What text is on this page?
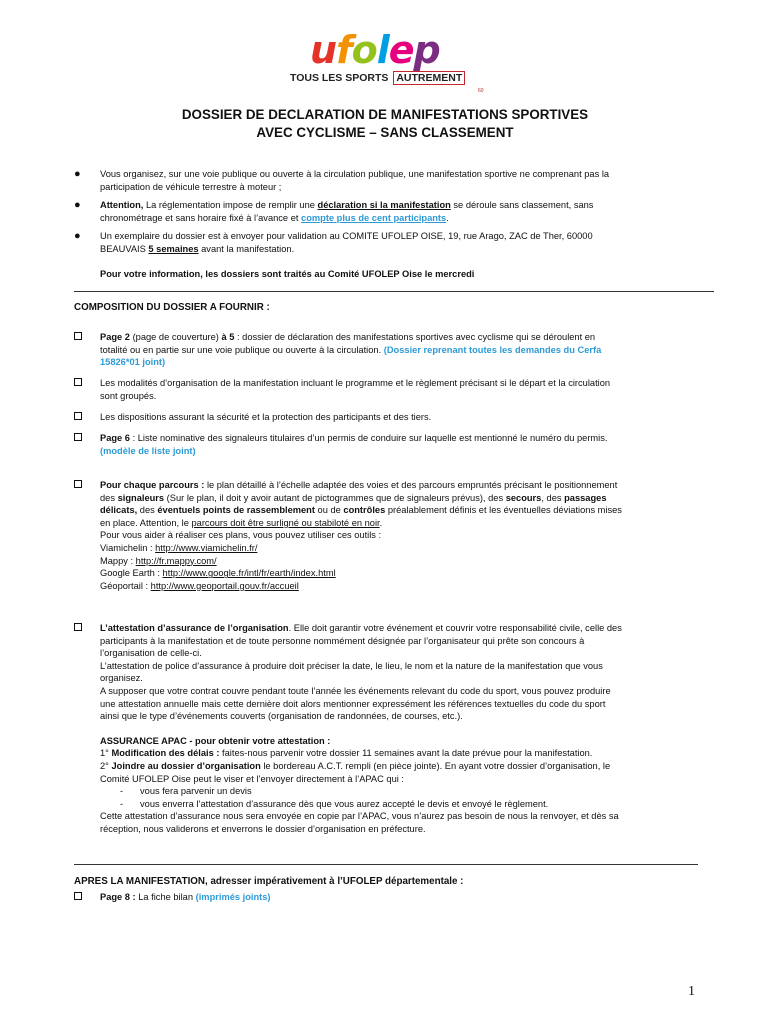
ufolep
TOUS LES SPORTS AUTREMENT
60
DOSSIER DE DECLARATION DE MANIFESTATIONS SPORTIVES
AVEC CYCLISME – SANS CLASSEMENT
● Vous organisez, sur une voie publique ou ouverte à la circulation publique, une manifestation sportive ne comprenant pas la
participation de véhicule terrestre à moteur ;
● Attention, La réglementation impose de remplir une déclaration si la manifestation se déroule sans classement, sans
chronométrage et sans horaire fixé à l’avance et compte plus de cent participants.
● Un exemplaire du dossier est à envoyer pour validation au COMITE UFOLEP OISE, 19, rue Arago, ZAC de Ther, 60000
BEAUVAIS 5 semaines avant la manifestation.
Pour votre information, les dossiers sont traités au Comité UFOLEP Oise le mercredi
COMPOSITION DU DOSSIER A FOURNIR :
Page 2 (page de couverture) à 5 : dossier de déclaration des manifestations sportives avec cyclisme qui se déroulent en
totalité ou en partie sur une voie publique ou ouverte à la circulation. (Dossier reprenant toutes les demandes du Cerfa
15826*01 joint)
Les modalités d’organisation de la manifestation incluant le programme et le règlement précisant si le départ et la circulation
sont groupés.
Les dispositions assurant la sécurité et la protection des participants et des tiers.
Page 6 : Liste nominative des signaleurs titulaires d’un permis de conduire sur laquelle est mentionné le numéro du permis.
(modèle de liste joint)
Pour chaque parcours : le plan détaillé à l’échelle adaptée des voies et des parcours empruntés précisant le positionnement
des signaleurs (Sur le plan, il doit y avoir autant de pictogrammes que de signaleurs prévus), des secours, des passages
délicats, des éventuels points de rassemblement ou de contrôles préalablement définis et les éventuelles déviations mises
en place. Attention, le parcours doit être surligné ou stabiloté en noir.
Pour vous aider à réaliser ces plans, vous pouvez utiliser ces outils :
Viamichelin : http://www.viamichelin.fr/
Mappy : http://fr.mappy.com/
Google Earth : http://www.google.fr/intl/fr/earth/index.html
Géoportail : http://www.geoportail.gouv.fr/accueil
L’attestation d’assurance de l’organisation. Elle doit garantir votre événement et couvrir votre responsabilité civile, celle des
participants à la manifestation et de toute personne nommément désignée par l’organisateur qui prête son concours à
l’organisation de celle-ci.
L’attestation de police d’assurance à produire doit préciser la date, le lieu, le nom et la nature de la manifestation que vous
organisez.
A supposer que votre contrat couvre pendant toute l’année les événements relevant du code du sport, vous pouvez produire
une attestation annuelle mais cette dernière doit alors mentionner expressément les références textuelles du code du sport
ainsi que le type d’événements couverts (organisation de randonnées, de courses, etc.).
ASSURANCE APAC - pour obtenir votre attestation :
1° Modification des délais : faites-nous parvenir votre dossier 11 semaines avant la date prévue pour la manifestation.
2° Joindre au dossier d’organisation le bordereau A.C.T. rempli (en pièce jointe). En ayant votre dossier d’organisation, le
Comité UFOLEP Oise peut le viser et l’envoyer directement à l’APAC qui :
- vous fera parvenir un devis
- vous enverra l’attestation d’assurance dès que vous aurez accepté le devis et envoyé le règlement.
Cette attestation d’assurance nous sera envoyée en copie par l’APAC, vous n’aurez pas besoin de nous la renvoyer, et dès sa
réception, nous validerons et enverrons le dossier d’organisation en préfecture.
APRES LA MANIFESTATION, adresser impérativement à l’UFOLEP départementale :
Page 8 : La fiche bilan (imprimés joints)
1
